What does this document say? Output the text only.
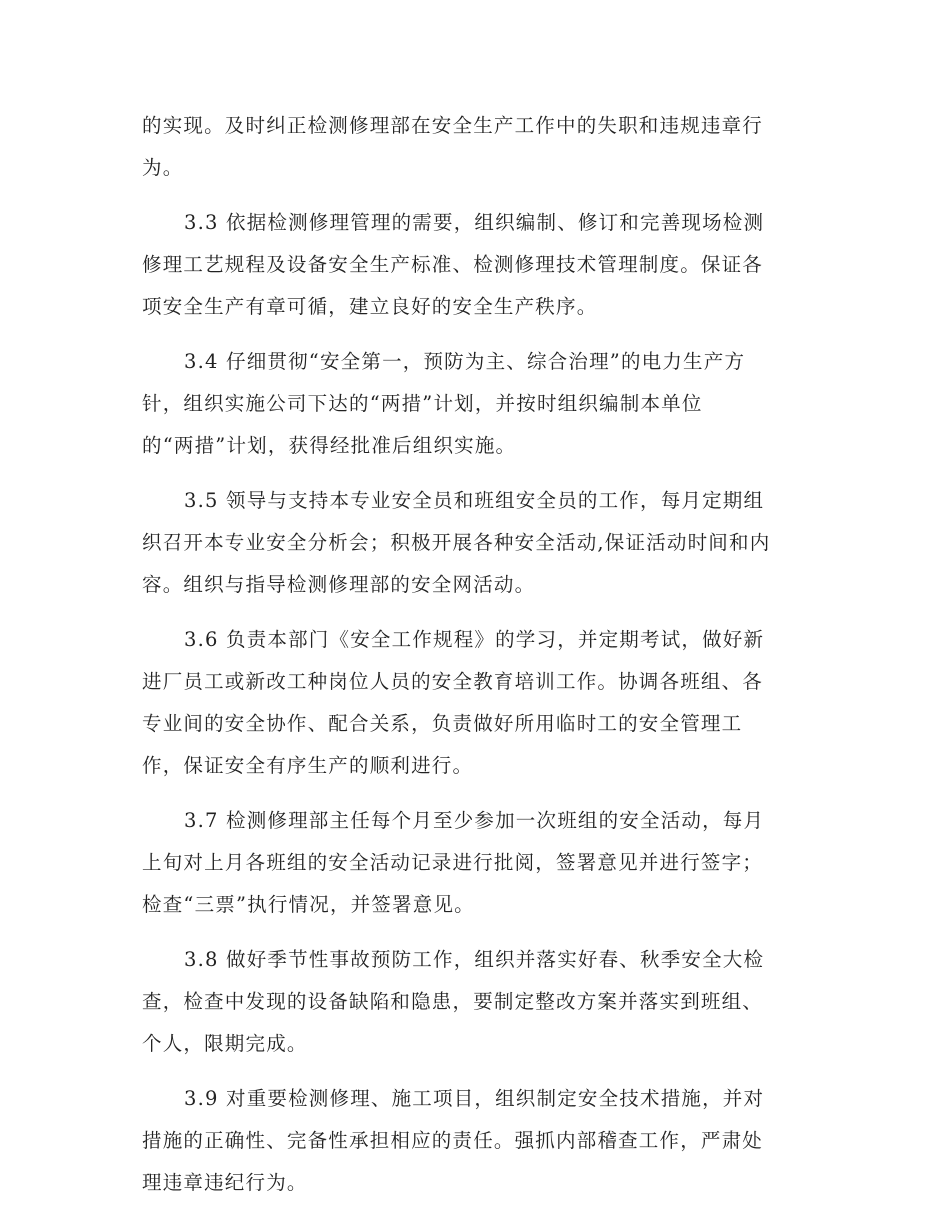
的实现。及时纠正检测修理部在安全生产工作中的失职和违规违章行
为。

3.3 依据检测修理管理的需要，组织编制、修订和完善现场检测
修理工艺规程及设备安全生产标准、检测修理技术管理制度。保证各
项安全生产有章可循，建立良好的安全生产秩序。

3.4 仔细贯彻“安全第一，预防为主、综合治理”的电力生产方
针，组织实施公司下达的“两措”计划，并按时组织编制本单位
的“两措”计划，获得经批准后组织实施。

3.5 领导与支持本专业安全员和班组安全员的工作，每月定期组
织召开本专业安全分析会；积极开展各种安全活动,保证活动时间和内
容。组织与指导检测修理部的安全网活动。

3.6 负责本部门《安全工作规程》的学习，并定期考试，做好新
进厂员工或新改工种岗位人员的安全教育培训工作。协调各班组、各
专业间的安全协作、配合关系，负责做好所用临时工的安全管理工
作，保证安全有序生产的顺利进行。

3.7 检测修理部主任每个月至少参加一次班组的安全活动，每月
上旬对上月各班组的安全活动记录进行批阅，签署意见并进行签字；
检查“三票”执行情况，并签署意见。

3.8 做好季节性事故预防工作，组织并落实好春、秋季安全大检
查，检查中发现的设备缺陷和隐患，要制定整改方案并落实到班组、
个人，限期完成。

3.9 对重要检测修理、施工项目，组织制定安全技术措施，并对
措施的正确性、完备性承担相应的责任。强抓内部稽查工作，严肃处
理违章违纪行为。
